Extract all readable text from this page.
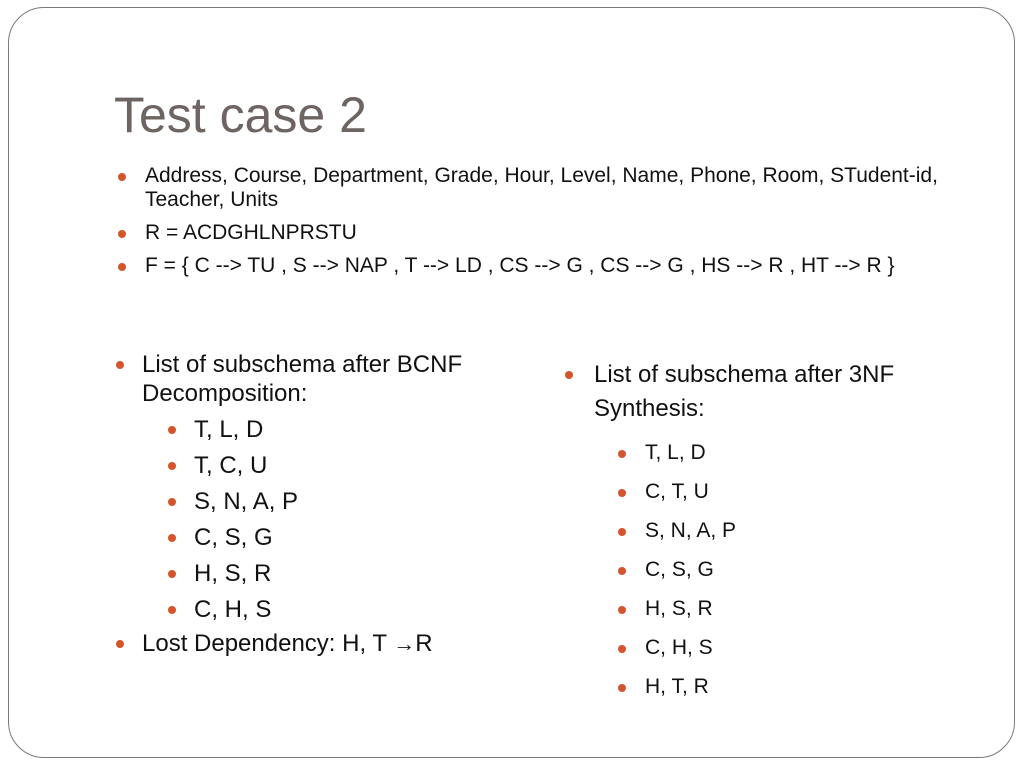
Test case 2
Address, Course, Department, Grade, Hour, Level, Name, Phone, Room, STudent-id, Teacher, Units
R = ACDGHLNPRSTU
F = { C --> TU , S --> NAP , T --> LD , CS --> G , CS --> G , HS --> R , HT --> R }
List of subschema after BCNF Decomposition:
T, L, D
T, C, U
S, N, A, P
C, S, G
H, S, R
C, H, S
Lost Dependency: H, T →R
List of subschema after 3NF Synthesis:
T, L, D
C, T, U
S, N, A, P
C, S, G
H, S, R
C, H, S
H, T, R
